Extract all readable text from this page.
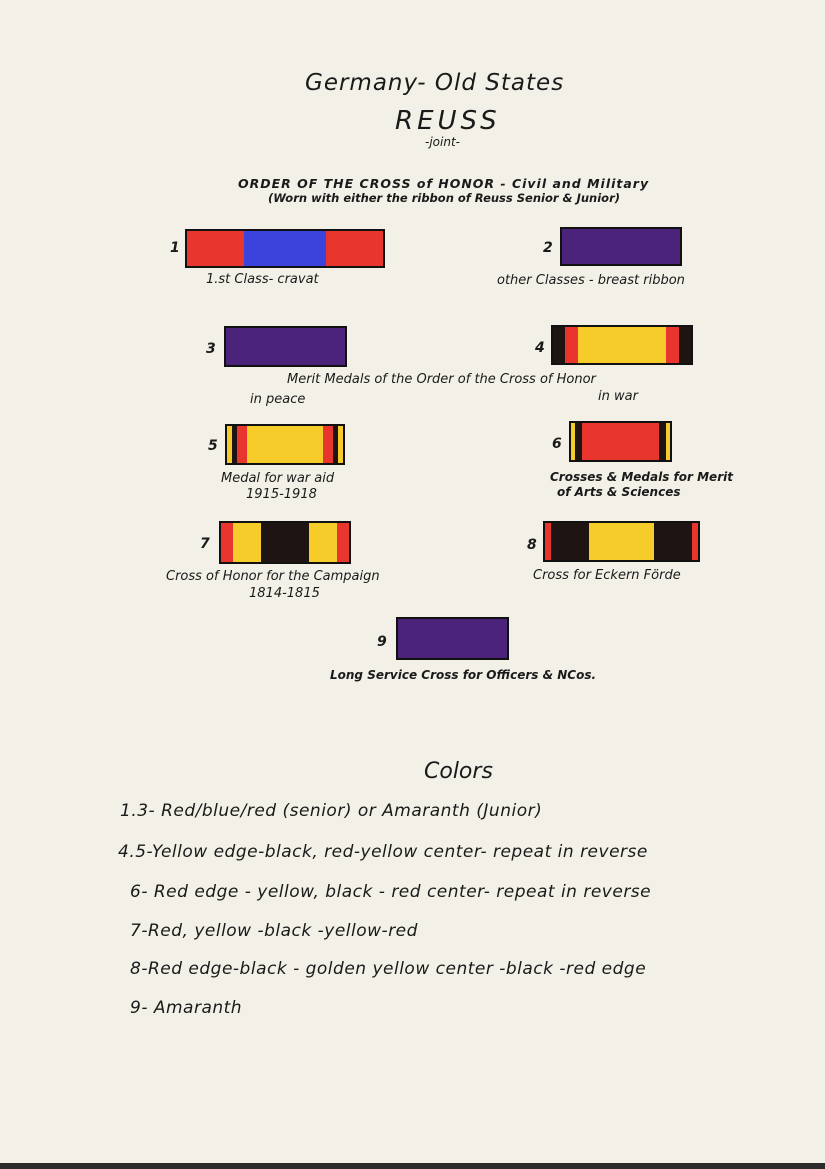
Germany- Old States
REUSS
-joint-
ORDER OF THE CROSS of HONOR - Civil and Military
(Worn with either the ribbon of Reuss Senior & Junior)
1
1.st Class- cravat
2
other Classes - breast ribbon
3	4
Merit Medals of the Order of the Cross of Honor
in peace	in war
5
Medal for war aid
1915-1918
6
Crosses & Medals for Merit
of Arts & Sciences
7
Cross of Honor for the Campaign
1814-1815
8
Cross for Eckern Förde
9
Long Service Cross for Officers & NCos.
Colors
1.3- Red/blue/red (senior) or Amaranth (Junior)
4.5-Yellow edge-black, red-yellow center- repeat in reverse
6- Red edge - yellow, black - red center- repeat in reverse
7-Red, yellow -black -yellow-red
8-Red edge-black - golden yellow center -black -red edge
9- Amaranth
